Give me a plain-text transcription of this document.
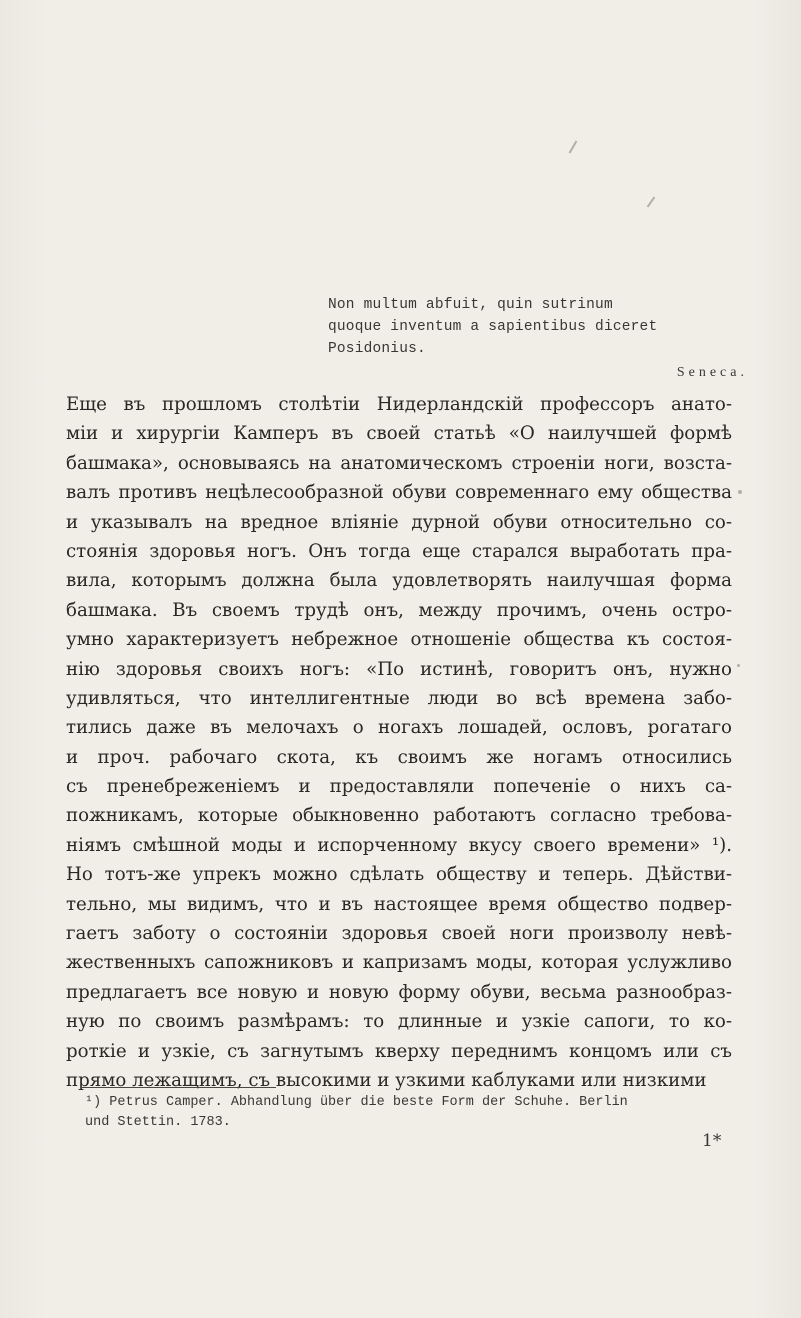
Non multum abfuit, quin sutrinum
quoque inventum a sapientibus diceret
Posidonius.
Seneca.
Еще въ прошломъ столѣтіи Нидерландскій профессоръ анато-
міи и хирургіи Камперъ въ своей статьѣ «О наилучшей формѣ
башмака», основываясь на анатомическомъ строеніи ноги, возста-
валъ противъ нецѣлесообразной обуви современнаго ему общества
и указывалъ на вредное вліяніе дурной обуви относительно со-
стоянія здоровья ногъ. Онъ тогда еще старался выработать пра-
вила, которымъ должна была удовлетворять наилучшая форма
башмака. Въ своемъ трудѣ онъ, между прочимъ, очень остро-
умно характеризуетъ небрежное отношеніе общества къ состоя-
нію здоровья своихъ ногъ: «По истинѣ, говоритъ онъ, нужно
удивляться, что интеллигентные люди во всѣ времена забо-
тились даже въ мелочахъ о ногахъ лошадей, ословъ, рогатаго
и проч. рабочаго скота, къ своимъ же ногамъ относились
съ пренебреженіемъ и предоставляли попеченіе о нихъ са-
пожникамъ, которые обыкновенно работаютъ согласно требова-
ніямъ смѣшной моды и испорченному вкусу своего времени» ¹).
Но тотъ-же упрекъ можно сдѣлать обществу и теперь. Дѣйстви-
тельно, мы видимъ, что и въ настоящее время общество подвер-
гаетъ заботу о состояніи здоровья своей ноги произволу невѣ-
жественныхъ сапожниковъ и капризамъ моды, которая услужливо
предлагаетъ все новую и новую форму обуви, весьма разнообраз-
ную по своимъ размѣрамъ: то длинные и узкіе сапоги, то ко-
роткіе и узкіе, съ загнутымъ кверху переднимъ концомъ или съ
прямо лежащимъ, съ высокими и узкими каблуками или низкими
¹) Petrus Camper. Abhandlung über die beste Form der Schuhe. Berlin
und Stettin. 1783.
1*
